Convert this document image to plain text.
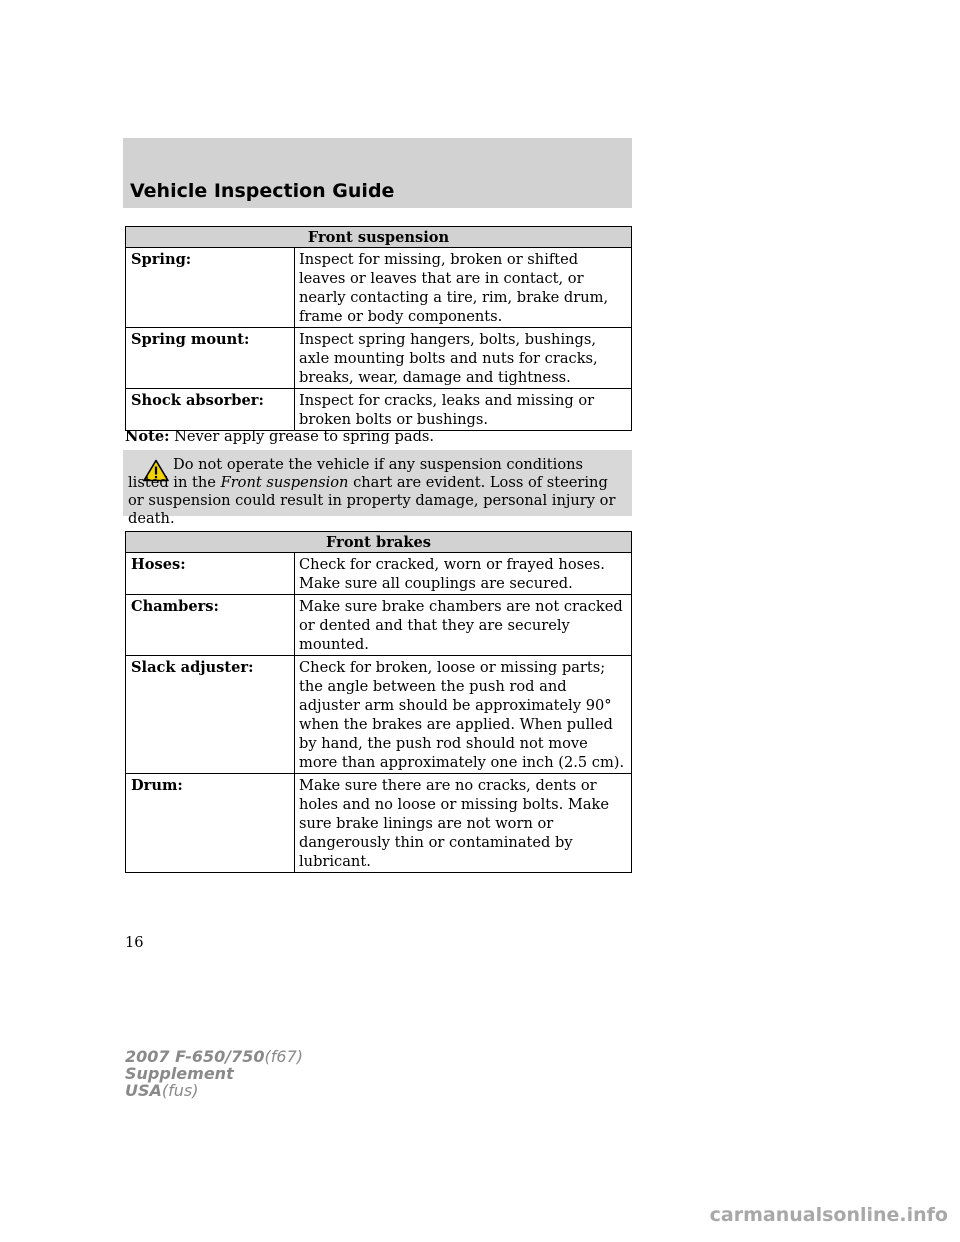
Vehicle Inspection Guide
Front suspension	
Spring:	Inspect for missing, broken or shifted leaves or leaves that are in contact, or nearly contacting a tire, rim, brake drum, frame or body components.
Spring mount:	Inspect spring hangers, bolts, bushings, axle mounting bolts and nuts for cracks, breaks, wear, damage and tightness.
Shock absorber:	Inspect for cracks, leaks and missing or broken bolts or bushings.

Note: Never apply grease to spring pads.

Do not operate the vehicle if any suspension conditions listed in the Front suspension chart are evident. Loss of steering or suspension could result in property damage, personal injury or death.

Front brakes	
Hoses:	Check for cracked, worn or frayed hoses. Make sure all couplings are secured.
Chambers:	Make sure brake chambers are not cracked or dented and that they are securely mounted.
Slack adjuster:	Check for broken, loose or missing parts; the angle between the push rod and adjuster arm should be approximately 90° when the brakes are applied. When pulled by hand, the push rod should not move more than approximately one inch (2.5 cm).
Drum:	Make sure there are no cracks, dents or holes and no loose or missing bolts. Make sure brake linings are not worn or dangerously thin or contaminated by lubricant.

16

2007 F-650/750(f67)
Supplement
USA(fus)

carmanualsonline.info
